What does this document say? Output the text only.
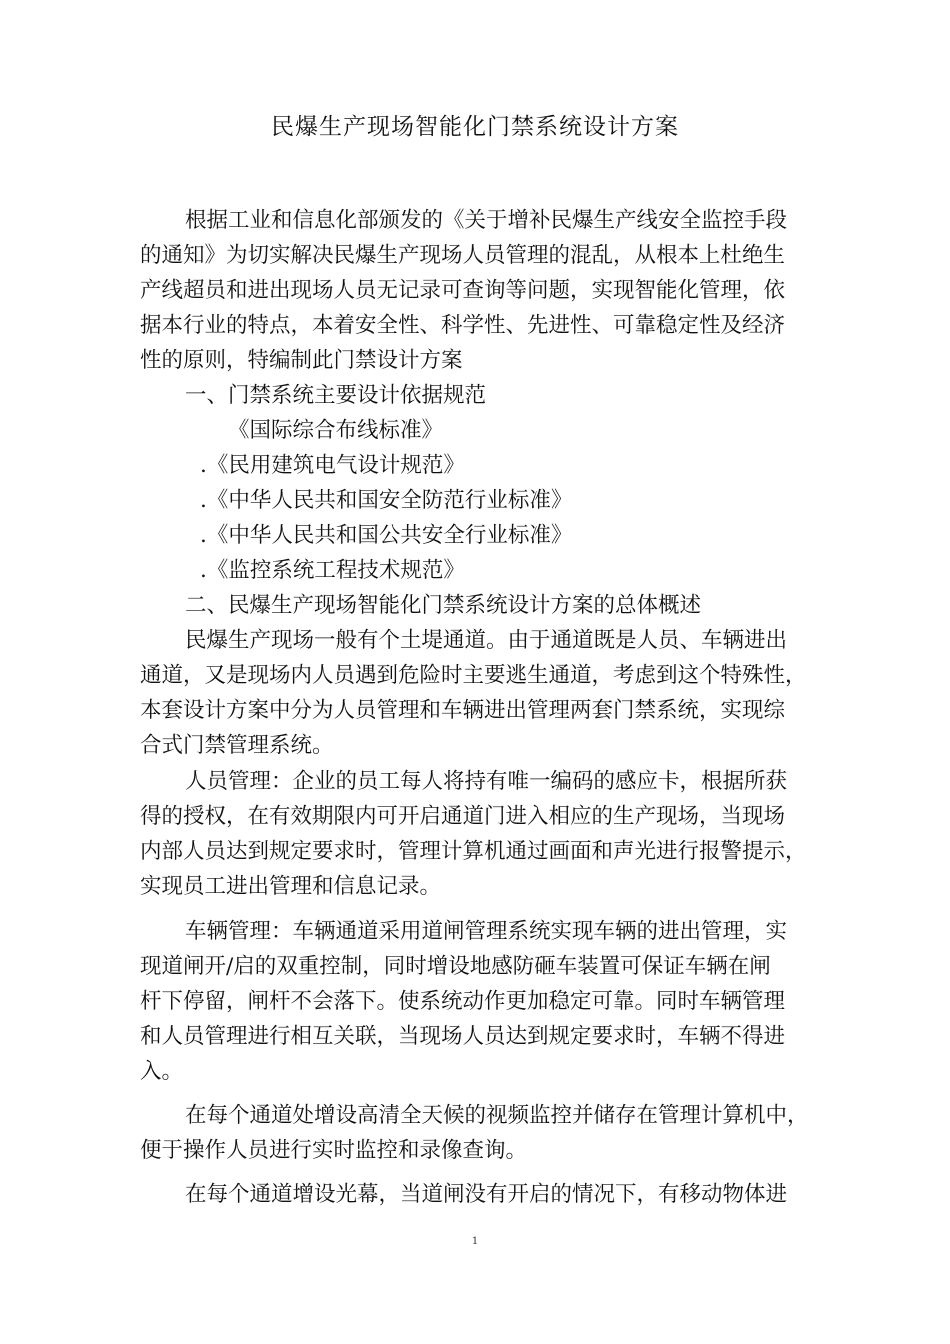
民爆生产现场智能化门禁系统设计方案
根据工业和信息化部颁发的《关于增补民爆生产线安全监控手段
的通知》为切实解决民爆生产现场人员管理的混乱，从根本上杜绝生
产线超员和进出现场人员无记录可查询等问题，实现智能化管理，依
据本行业的特点，本着安全性、科学性、先进性、可靠稳定性及经济
性的原则，特编制此门禁设计方案
一、门禁系统主要设计依据规范
《国际综合布线标准》
.《民用建筑电气设计规范》
.《中华人民共和国安全防范行业标准》
.《中华人民共和国公共安全行业标准》
.《监控系统工程技术规范》
二、民爆生产现场智能化门禁系统设计方案的总体概述
民爆生产现场一般有个土堤通道。由于通道既是人员、车辆进出
通道，又是现场内人员遇到危险时主要逃生通道，考虑到这个特殊性，
本套设计方案中分为人员管理和车辆进出管理两套门禁系统，实现综
合式门禁管理系统。
人员管理：企业的员工每人将持有唯一编码的感应卡，根据所获
得的授权，在有效期限内可开启通道门进入相应的生产现场，当现场
内部人员达到规定要求时，管理计算机通过画面和声光进行报警提示，
实现员工进出管理和信息记录。
车辆管理：车辆通道采用道闸管理系统实现车辆的进出管理，实
现道闸开/启的双重控制，同时增设地感防砸车装置可保证车辆在闸
杆下停留，闸杆不会落下。使系统动作更加稳定可靠。同时车辆管理
和人员管理进行相互关联，当现场人员达到规定要求时，车辆不得进
入。
在每个通道处增设高清全天候的视频监控并储存在管理计算机中，
便于操作人员进行实时监控和录像查询。
在每个通道增设光幕，当道闸没有开启的情况下，有移动物体进
1
